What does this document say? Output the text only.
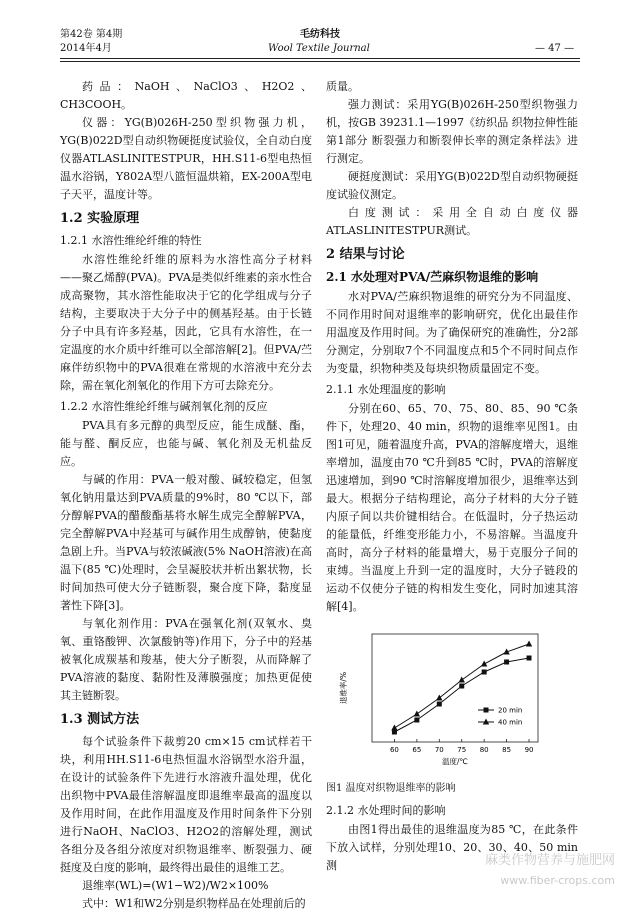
第42卷 第4期
2014年4月
毛纺科技
Wool Textile Journal	— 47 —

药品：NaOH、NaClO3、H2O2、CH3COOH。

仪器：YG(B)026H-250型织物强力机，YG(B)022D型自动织物硬挺度试验仪，全自动白度仪器ATLASLINITESTPUR，HH.S11-6型电热恒温水浴锅，Y802A型八篮恒温烘箱，EX-200A型电子天平，温度计等。

1.2 实验原理

1.2.1 水溶性维纶纤维的特性

水溶性维纶纤维的原料为水溶性高分子材料——聚乙烯醇(PVA)。PVA是类似纤维素的亲水性合成高聚物，其水溶性能取决于它的化学组成与分子结构，主要取决于大分子中的侧基羟基。由于长链分子中具有许多羟基，因此，它具有水溶性，在一定温度的水介质中纤维可以全部溶解[2]。但PVA/苎麻伴纺织物中的PVA很难在常规的水溶液中充分去除，需在氧化剂氧化的作用下方可去除充分。

1.2.2 水溶性维纶纤维与碱剂氧化剂的反应

PVA具有多元醇的典型反应，能生成醚、酯，能与醛、酮反应，也能与碱、氧化剂及无机盐反应。

与碱的作用：PVA一般对酸、碱较稳定，但氢氧化钠用量达到PVA质量的9%时，80 ℃以下，部分醇解PVA的醋酸酯基将水解生成完全醇解PVA，完全醇解PVA中羟基可与碱作用生成醇钠，使黏度急剧上升。当PVA与较浓碱液(5% NaOH溶液)在高温下(85 ℃)处理时，会呈凝胶状并析出絮状物，长时间加热可使大分子链断裂，聚合度下降，黏度显著性下降[3]。

与氧化剂作用：PVA在强氧化剂(双氧水、臭氧、重铬酸钾、次氯酸钠等)作用下，分子中的羟基被氧化成羰基和羧基，使大分子断裂，从而降解了PVA溶液的黏度、黏附性及薄膜强度；加热更促使其主链断裂。

1.3 测试方法

每个试验条件下裁剪20 cm×15 cm试样若干块，利用HH.S11-6电热恒温水浴锅型水浴升温，在设计的试验条件下先进行水溶液升温处理，优化出织物中PVA最佳溶解温度即退维率最高的温度以及作用时间，在此作用温度及作用时间条件下分别进行NaOH、NaClO3、H2O2的溶解处理，测试各组分及各组分浓度对织物退维率、断裂强力、硬挺度及白度的影响，最终得出最佳的退维工艺。

退维率(WL)=(W1−W2)/W2×100%

式中：W1和W2分别是织物样品在处理前后的

质量。

强力测试：采用YG(B)026H-250型织物强力机，按GB 39231.1—1997《纺织品 织物拉伸性能 第1部分 断裂强力和断裂伸长率的测定条样法》进行测定。

硬挺度测试：采用YG(B)022D型自动织物硬挺度试验仪测定。

白度测试：采用全自动白度仪器ATLASLINITESTPUR测试。

2 结果与讨论

2.1 水处理对PVA/苎麻织物退维的影响

水对PVA/苎麻织物退维的研究分为不同温度、不同作用时间对退维率的影响研究，优化出最佳作用温度及作用时间。为了确保研究的准确性，分2部分测定，分别取7个不同温度点和5个不同时间点作为变量，织物种类及每块织物质量固定不变。

2.1.1 水处理温度的影响

分别在60、65、70、75、80、85、90 ℃条件下，处理20、40 min，织物的退维率见图1。由图1可见，随着温度升高，PVA的溶解度增大，退维率增加，温度由70 ℃升到85 ℃时，PVA的溶解度迅速增加，到90 ℃时溶解度增加很少，退维率达到最大。根据分子结构理论，高分子材料的大分子链内原子间以共价键相结合。在低温时，分子热运动的能量低，纤维变形能力小，不易溶解。当温度升高时，高分子材料的能量增大，易于克服分子间的束缚。当温度上升到一定的温度时，大分子链段的运动不仅使分子链的构相发生变化，同时加速其溶解[4]。

60 65 70 75 80 85 90
温度/℃
退维率/%
20 min
40 min

图1 温度对织物退维率的影响

2.1.2 水处理时间的影响

由图1得出最佳的退维温度为85 ℃，在此条件下放入试样，分别处理10、20、30、40、50 min测	麻类作物营养与施肥网
www.fiber-crops.com
